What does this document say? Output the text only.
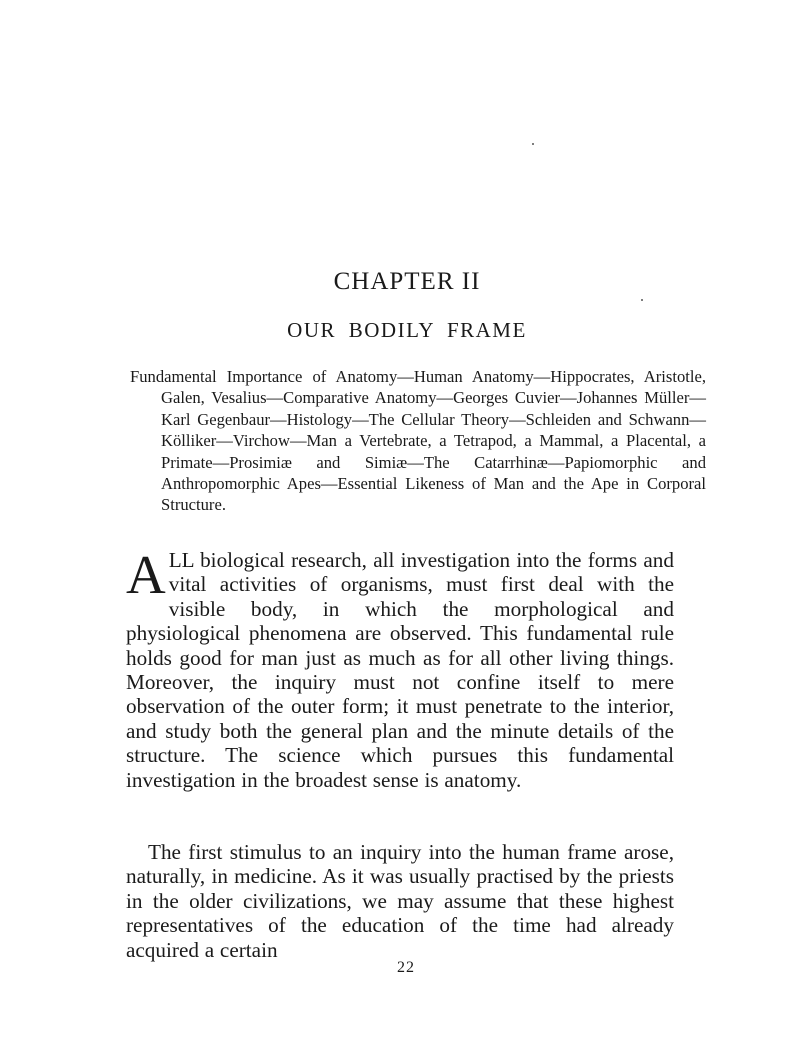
CHAPTER II
OUR BODILY FRAME

Fundamental Importance of Anatomy—Human Anatomy—Hippocrates, Aristotle, Galen, Vesalius—Comparative Anatomy—Georges Cuvier—Johannes Müller—Karl Gegenbaur—Histology—The Cellular Theory—Schleiden and Schwann—Kölliker—Virchow—Man a Vertebrate, a Tetrapod, a Mammal, a Placental, a Primate—Prosimiæ and Simiæ—The Catarrhinæ—Papiomorphic and Anthropomorphic Apes—Essential Likeness of Man and the Ape in Corporal Structure.

ALL biological research, all investigation into the forms and vital activities of organisms, must first deal with the visible body, in which the morphological and physiological phenomena are observed. This fundamental rule holds good for man just as much as for all other living things. Moreover, the inquiry must not confine itself to mere observation of the outer form; it must penetrate to the interior, and study both the general plan and the minute details of the structure. The science which pursues this fundamental investigation in the broadest sense is anatomy.

The first stimulus to an inquiry into the human frame arose, naturally, in medicine. As it was usually practised by the priests in the older civilizations, we may assume that these highest representatives of the education of the time had already acquired a certain

22
